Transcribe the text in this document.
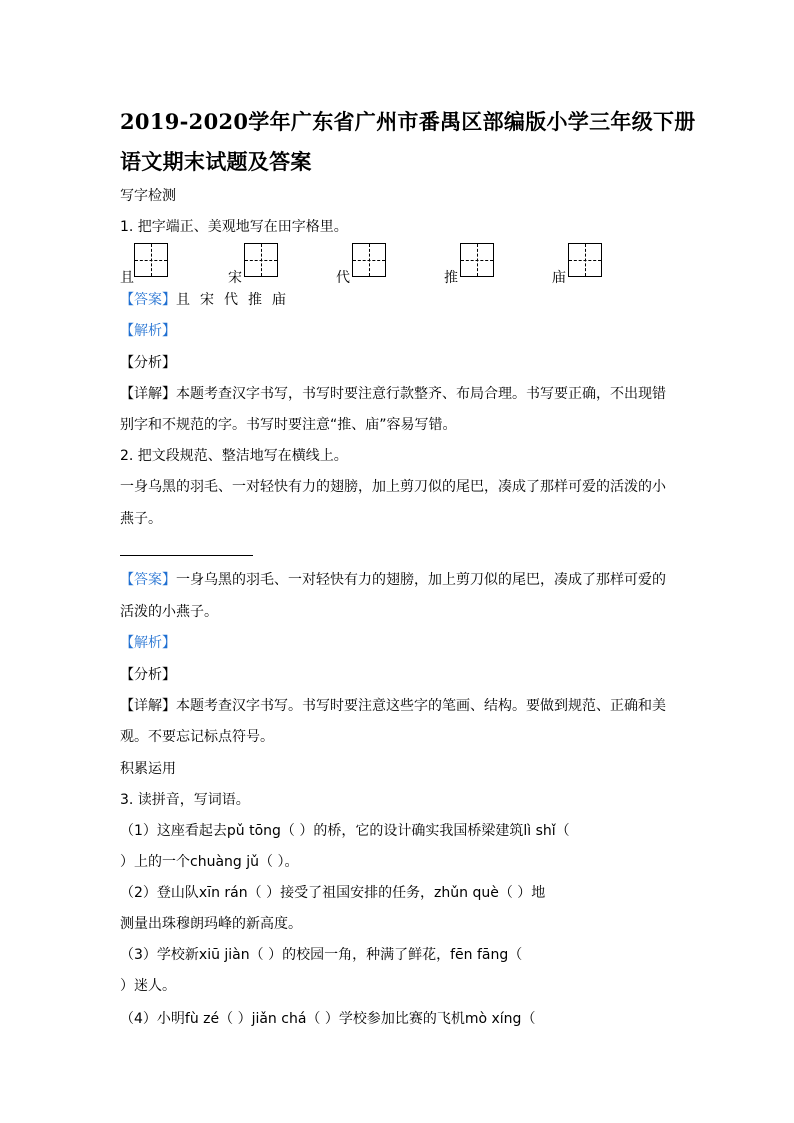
2019-2020学年广东省广州市番禺区部编版小学三年级下册
语文期末试题及答案
写字检测
1. 把字端正、美观地写在田字格里。
且	宋	代	推	庙
【答案】且 宋 代 推 庙
【解析】
【分析】
【详解】本题考查汉字书写，书写时要注意行款整齐、布局合理。书写要正确，不出现错
别字和不规范的字。书写时要注意“推、庙”容易写错。
2. 把文段规范、整洁地写在横线上。
一身乌黑的羽毛、一对轻快有力的翅膀，加上剪刀似的尾巴，凑成了那样可爱的活泼的小
燕子。
【答案】一身乌黑的羽毛、一对轻快有力的翅膀，加上剪刀似的尾巴，凑成了那样可爱的
活泼的小燕子。
【解析】
【分析】
【详解】本题考查汉字书写。书写时要注意这些字的笔画、结构。要做到规范、正确和美
观。不要忘记标点符号。
积累运用
3. 读拼音，写词语。
（1）这座看起去pǔ tōng（ ）的桥，它的设计确实我国桥梁建筑lì shǐ（
）上的一个chuàng jǔ（ ）。
（2）登山队xīn rán（ ）接受了祖国安排的任务，zhǔn què（ ）地
测量出珠穆朗玛峰的新高度。
（3）学校新xiū jiàn（ ）的校园一角，种满了鲜花，fēn fāng（
）迷人。
（4）小明fù zé（ ）jiǎn chá（ ）学校参加比赛的飞机mò xíng（
